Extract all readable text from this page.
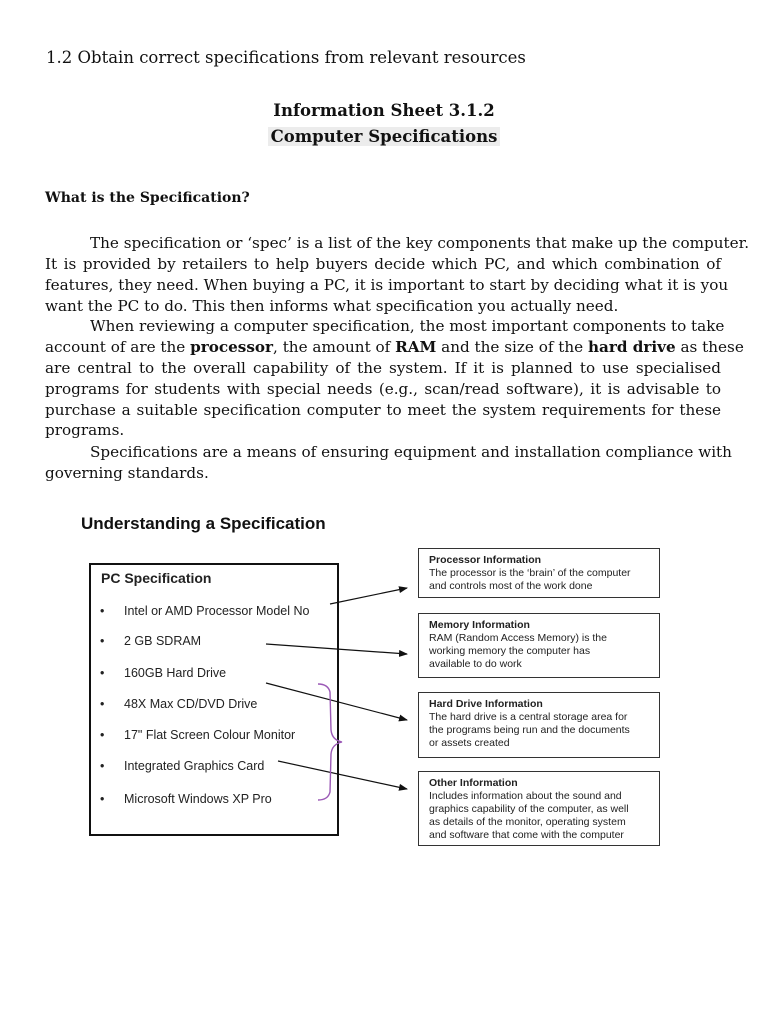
1.2 Obtain correct specifications from relevant resources
Information Sheet 3.1.2
Computer Specifications
What is the Specification?
The specification or ‘spec’ is a list of the key components that make up the computer.
It is provided by retailers to help buyers decide which PC, and which combination of
features, they need. When buying a PC, it is important to start by deciding what it is you
want the PC to do. This then informs what specification you actually need.
When reviewing a computer specification, the most important components to take
account of are the processor, the amount of RAM and the size of the hard drive as these
are central to the overall capability of the system. If it is planned to use specialised
programs for students with special needs (e.g., scan/read software), it is advisable to
purchase a suitable specification computer to meet the system requirements for these
programs.
Specifications are a means of ensuring equipment and installation compliance with
governing standards.
Understanding a Specification
PC Specification
• Intel or AMD Processor Model No
• 2 GB SDRAM
• 160GB Hard Drive
• 48X Max CD/DVD Drive
• 17" Flat Screen Colour Monitor
• Integrated Graphics Card
• Microsoft Windows XP Pro
Processor Information
The processor is the ‘brain’ of the computer
and controls most of the work done
Memory Information
RAM (Random Access Memory) is the
working memory the computer has
available to do work
Hard Drive Information
The hard drive is a central storage area for
the programs being run and the documents
or assets created
Other Information
Includes information about the sound and
graphics capability of the computer, as well
as details of the monitor, operating system
and software that come with the computer
